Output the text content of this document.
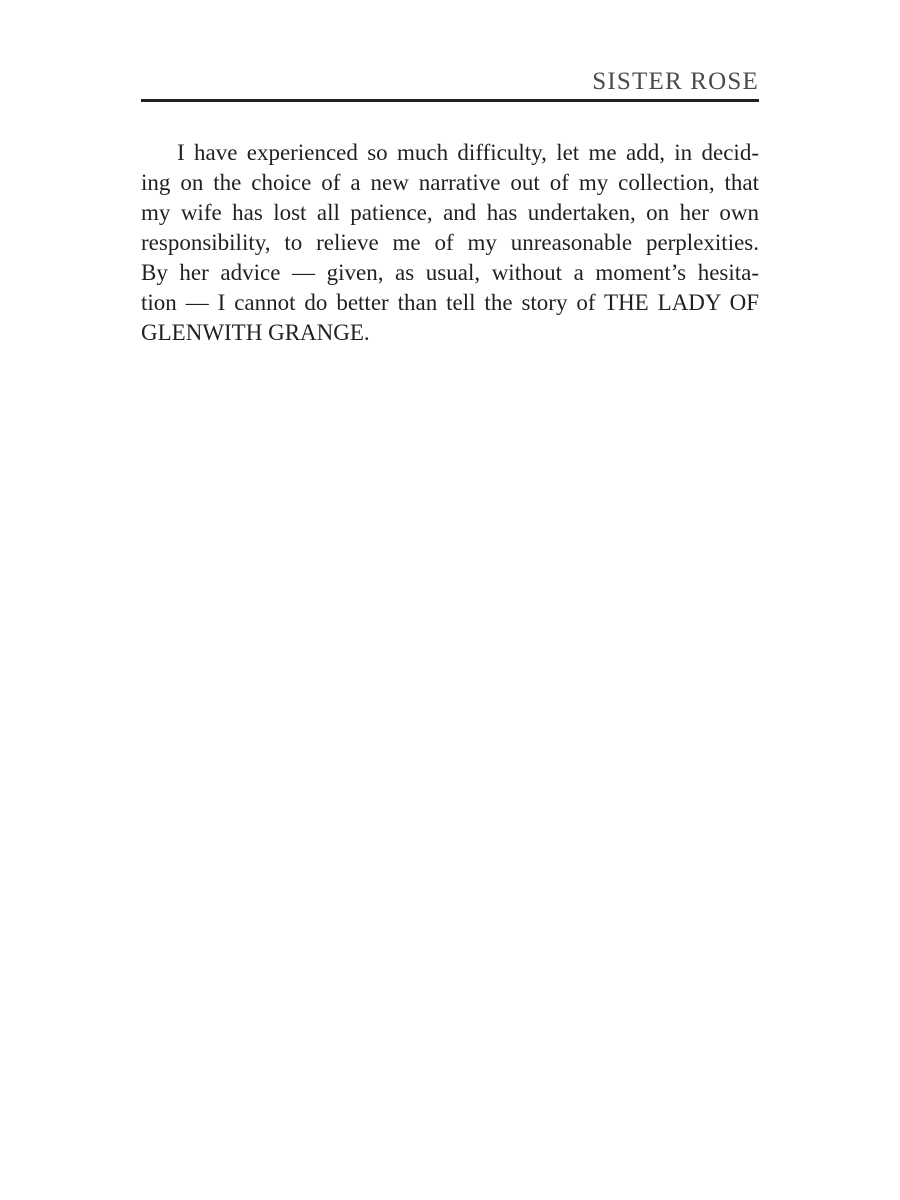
SISTER ROSE
I have experienced so much difficulty, let me add, in decid-
ing on the choice of a new narrative out of my collection, that
my wife has lost all patience, and has undertaken, on her own
responsibility, to relieve me of my unreasonable perplexities.
By her advice — given, as usual, without a moment’s hesita-
tion — I cannot do better than tell the story of THE LADY OF
GLENWITH GRANGE.
